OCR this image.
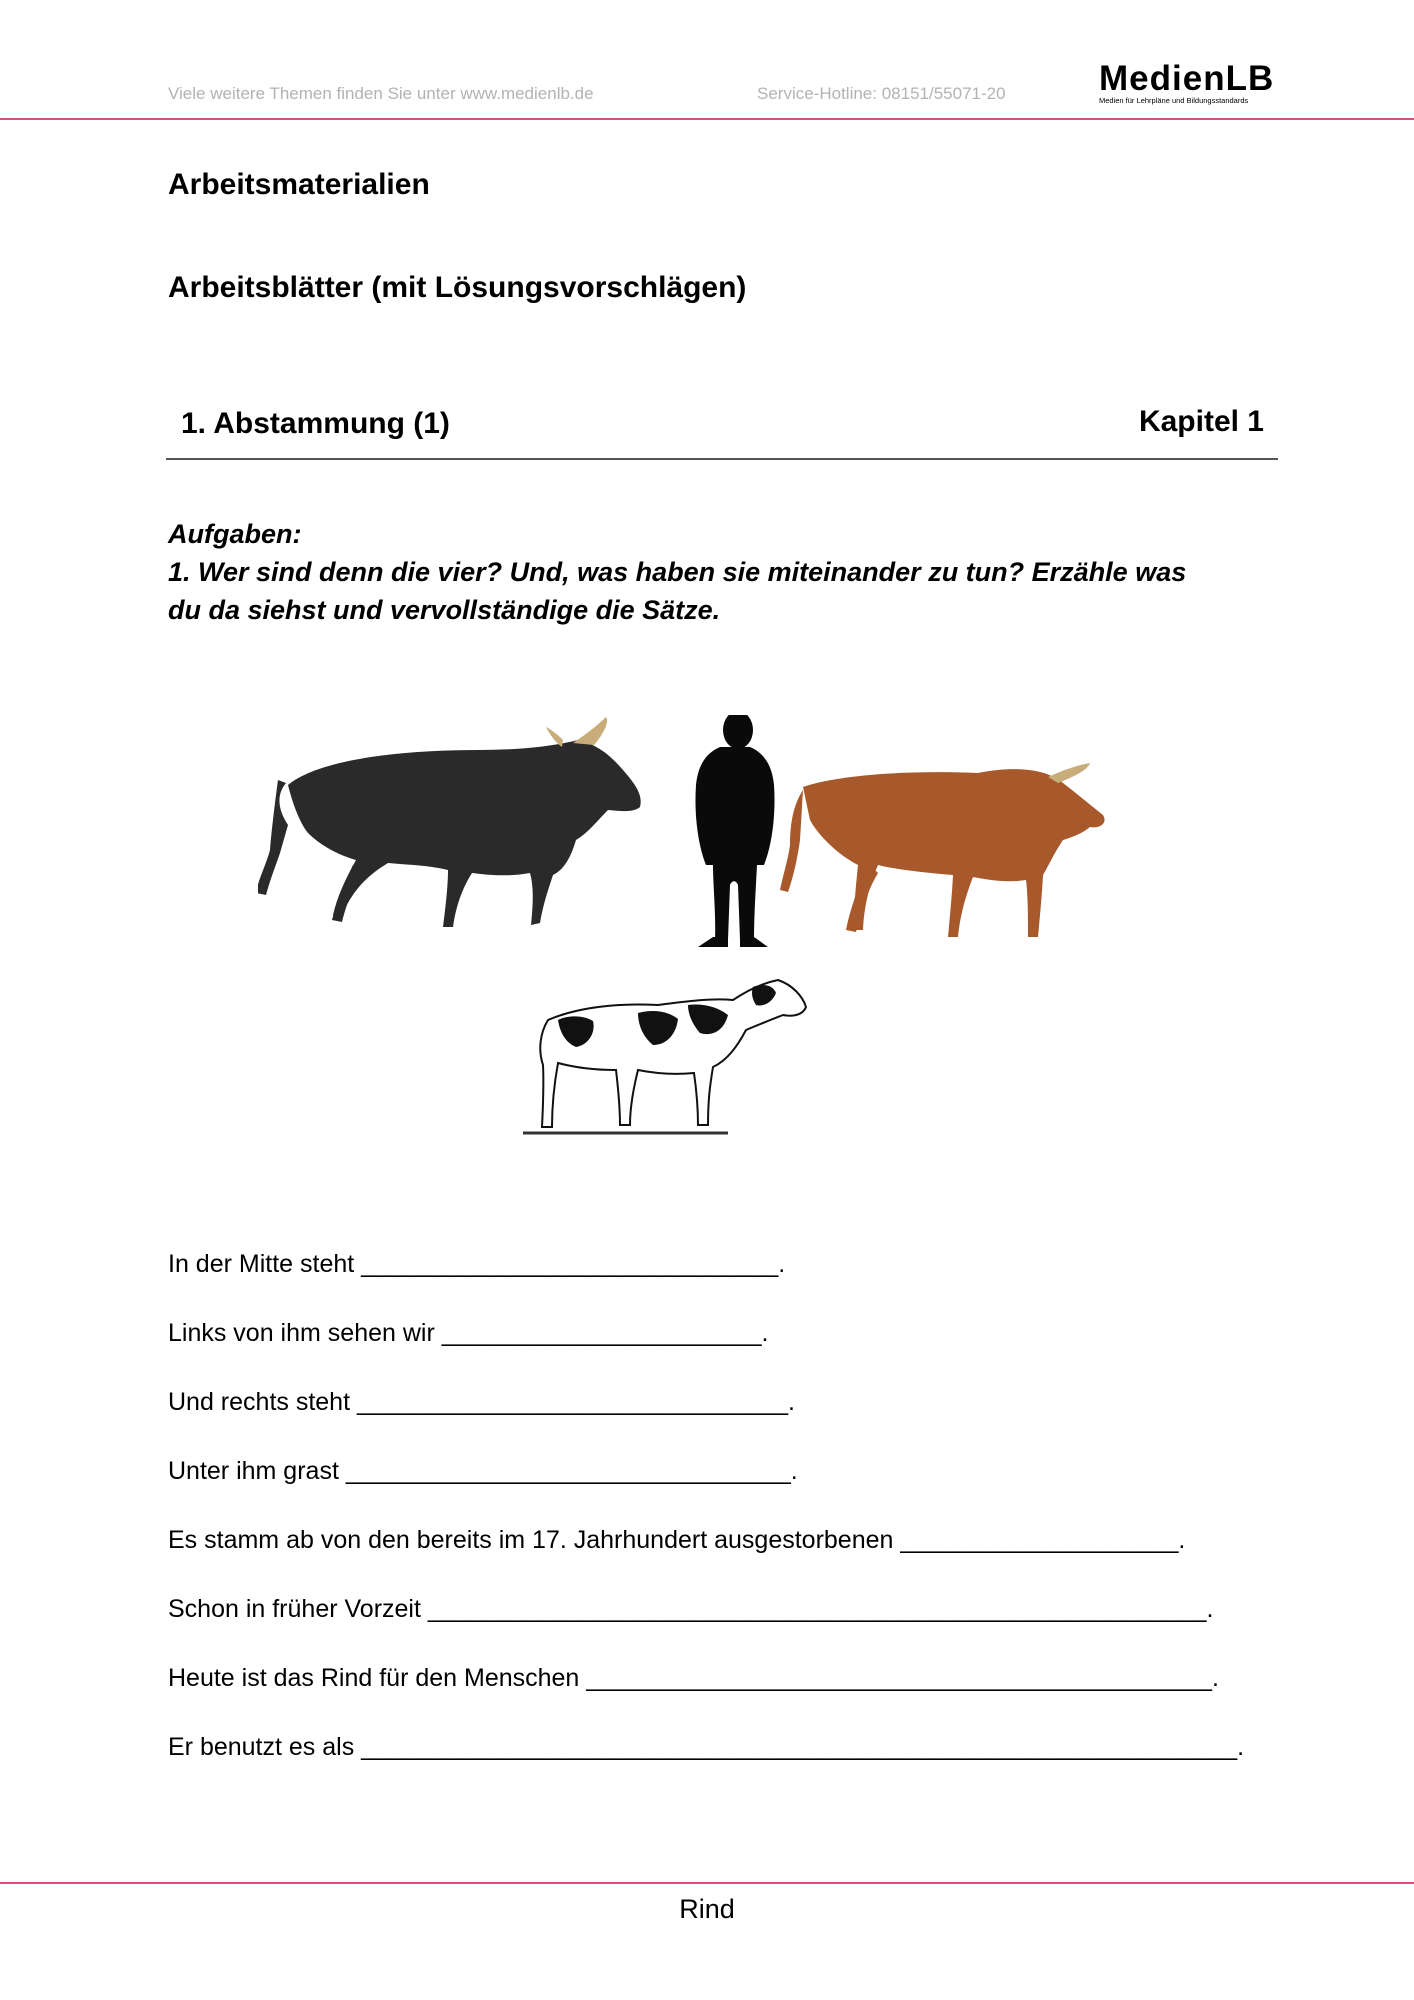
Viele weitere Themen finden Sie unter www.medienlb.de	Service-Hotline: 08151/55071-20	MedienLB
Medien für Lehrpläne und Bildungsstandards
Arbeitsmaterialien
Arbeitsblätter (mit Lösungsvorschlägen)
1. Abstammung (1)	Kapitel 1
Aufgaben:
1. Wer sind denn die vier? Und, was haben sie miteinander zu tun? Erzähle was
du da siehst und vervollständige die Sätze.
In der Mitte steht ______________________________.
Links von ihm sehen wir _______________________.
Und rechts steht _______________________________.
Unter ihm grast ________________________________.
Es stamm ab von den bereits im 17. Jahrhundert ausgestorbenen ____________________.
Schon in früher Vorzeit ________________________________________________________.
Heute ist das Rind für den Menschen _____________________________________________.
Er benutzt es als _______________________________________________________________.
Rind
